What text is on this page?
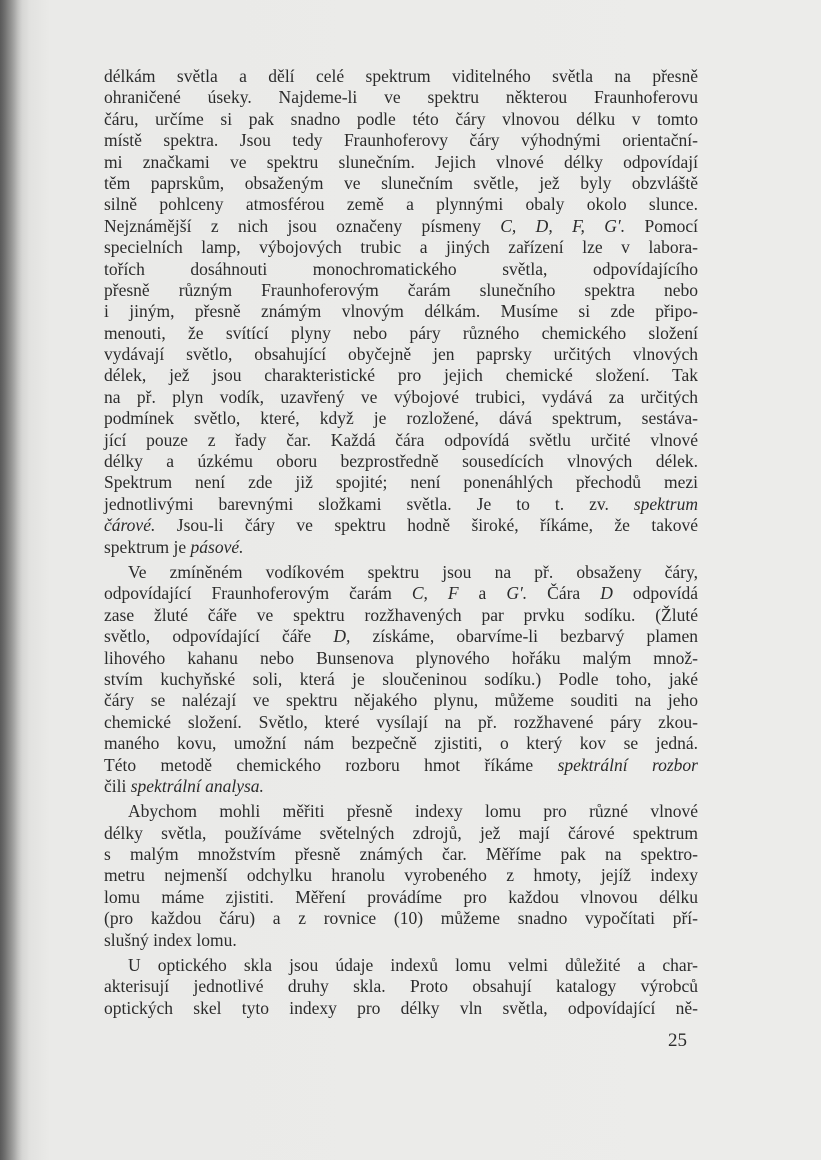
délkám světla a dělí celé spektrum viditelného světla na přesně
ohraničené úseky. Najdeme-li ve spektru některou Fraunhoferovu
čáru, určíme si pak snadno podle této čáry vlnovou délku v tomto
místě spektra. Jsou tedy Fraunhoferovy čáry výhodnými orientační-
mi značkami ve spektru slunečním. Jejich vlnové délky odpovídají
těm paprskům, obsaženým ve slunečním světle, jež byly obzvláště
silně pohlceny atmosférou země a plynnými obaly okolo slunce.
Nejznámější z nich jsou označeny písmeny C, D, F, G′. Pomocí
specielních lamp, výbojových trubic a jiných zařízení lze v labora-
tořích dosáhnouti monochromatického světla, odpovídajícího
přesně různým Fraunhoferovým čarám slunečního spektra nebo
i jiným, přesně známým vlnovým délkám. Musíme si zde připo-
menouti, že svítící plyny nebo páry různého chemického složení
vydávají světlo, obsahující obyčejně jen paprsky určitých vlnových
délek, jež jsou charakteristické pro jejich chemické složení. Tak
na př. plyn vodík, uzavřený ve výbojové trubici, vydává za určitých
podmínek světlo, které, když je rozložené, dává spektrum, sestáva-
jící pouze z řady čar. Každá čára odpovídá světlu určité vlnové
délky a úzkému oboru bezprostředně sousedících vlnových délek.
Spektrum není zde již spojité; není ponenáhlých přechodů mezi
jednotlivými barevnými složkami světla. Je to t. zv. spektrum
čárové. Jsou-li čáry ve spektru hodně široké, říkáme, že takové
spektrum je pásové.
Ve zmíněném vodíkovém spektru jsou na př. obsaženy čáry,
odpovídající Fraunhoferovým čarám C, F a G′. Čára D odpovídá
zase žluté čáře ve spektru rozžhavených par prvku sodíku. (Žluté
světlo, odpovídající čáře D, získáme, obarvíme-li bezbarvý plamen
lihového kahanu nebo Bunsenova plynového hořáku malým množ-
stvím kuchyňské soli, která je sloučeninou sodíku.) Podle toho, jaké
čáry se nalézají ve spektru nějakého plynu, můžeme souditi na jeho
chemické složení. Světlo, které vysílají na př. rozžhavené páry zkou-
maného kovu, umožní nám bezpečně zjistiti, o který kov se jedná.
Této metodě chemického rozboru hmot říkáme spektrální rozbor
čili spektrální analysa.
Abychom mohli měřiti přesně indexy lomu pro různé vlnové
délky světla, používáme světelných zdrojů, jež mají čárové spektrum
s malým množstvím přesně známých čar. Měříme pak na spektro-
metru nejmenší odchylku hranolu vyrobeného z hmoty, jejíž indexy
lomu máme zjistiti. Měření provádíme pro každou vlnovou délku
(pro každou čáru) a z rovnice (10) můžeme snadno vypočítati pří-
slušný index lomu.
U optického skla jsou údaje indexů lomu velmi důležité a char-
akterisují jednotlivé druhy skla. Proto obsahují katalogy výrobců
optických skel tyto indexy pro délky vln světla, odpovídající ně-
25
